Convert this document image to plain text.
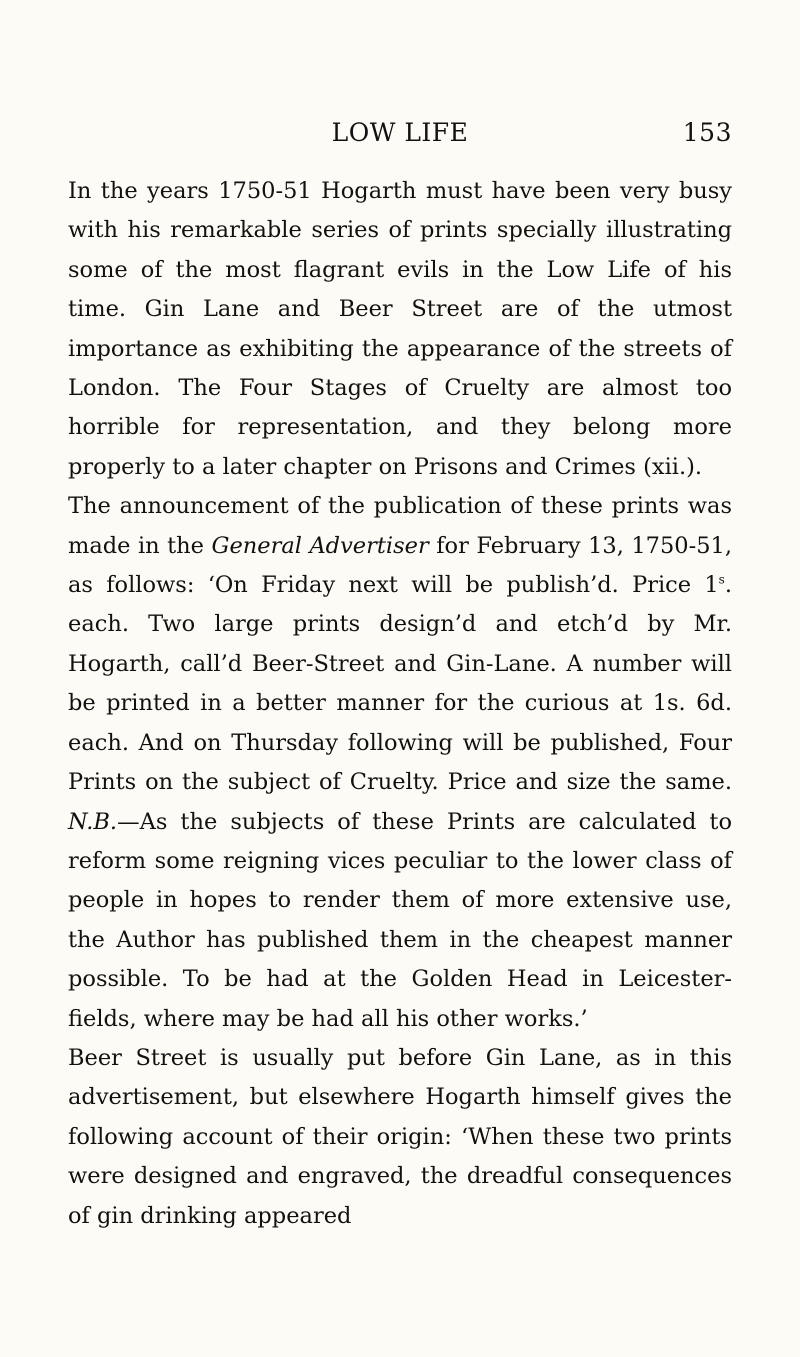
LOW LIFE	153

In the years 1750-51 Hogarth must have been very busy with his remarkable series of prints specially illustrating some of the most flagrant evils in the Low Life of his time. Gin Lane and Beer Street are of the utmost importance as exhibiting the appearance of the streets of London. The Four Stages of Cruelty are almost too horrible for representation, and they belong more properly to a later chapter on Prisons and Crimes (xii.).

The announcement of the publication of these prints was made in the General Advertiser for February 13, 1750-51, as follows: ‘On Friday next will be publish’d. Price 1$^s$. each. Two large prints design’d and etch’d by Mr. Hogarth, call’d Beer-Street and Gin-Lane. A number will be printed in a better manner for the curious at 1s. 6d. each. And on Thursday following will be published, Four Prints on the subject of Cruelty. Price and size the same. N.B.—As the subjects of these Prints are calculated to reform some reigning vices peculiar to the lower class of people in hopes to render them of more extensive use, the Author has published them in the cheapest manner possible. To be had at the Golden Head in Leicester-fields, where may be had all his other works.’

Beer Street is usually put before Gin Lane, as in this advertisement, but elsewhere Hogarth himself gives the following account of their origin: ‘When these two prints were designed and engraved, the dreadful consequences of gin drinking appeared
